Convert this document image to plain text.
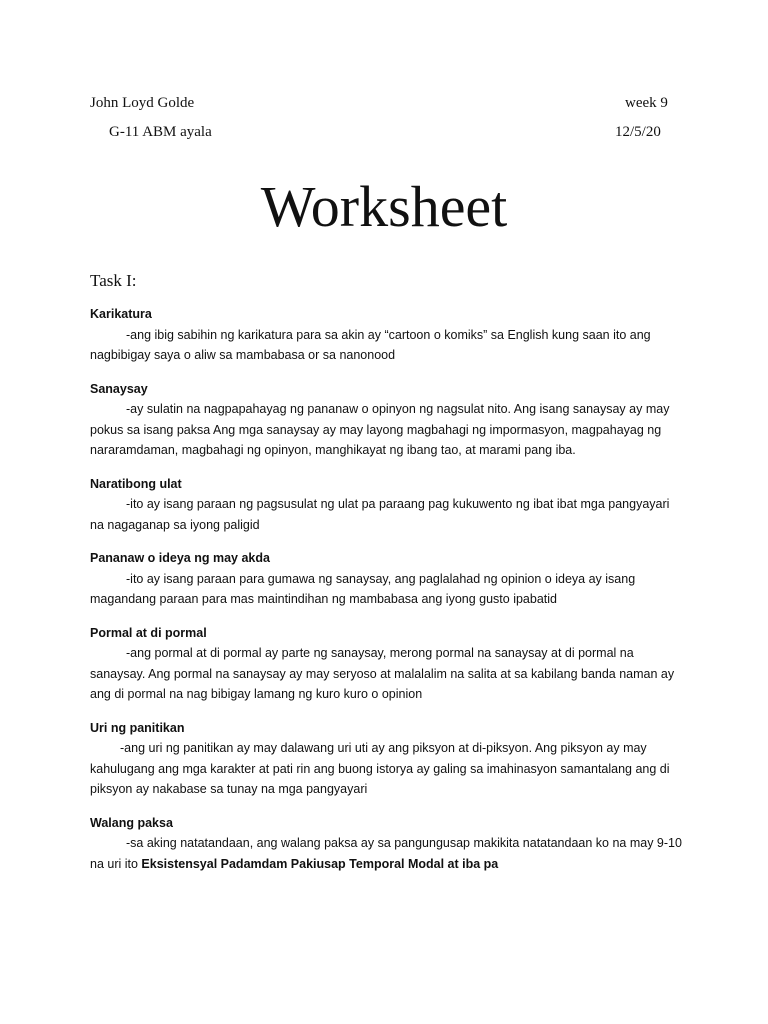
John Loyd Golde	week 9
G-11 ABM ayala	12/5/20
Worksheet
Task I:
Karikatura
-ang ibig sabihin ng karikatura para sa akin ay “cartoon o komiks” sa English kung saan ito ang nagbibigay saya o aliw sa mambabasa or sa nanonood
Sanaysay
-ay sulatin na nagpapahayag ng pananaw o opinyon ng nagsulat nito. Ang isang sanaysay ay may pokus sa isang paksa Ang mga sanaysay ay may layong magbahagi ng impormasyon, magpahayag ng nararamdaman, magbahagi ng opinyon, manghikayat ng ibang tao, at marami pang iba.
Naratibong ulat
-ito ay isang paraan ng pagsusulat ng ulat pa paraang pag kukuwento ng ibat ibat mga pangyayari na nagaganap sa iyong paligid
Pananaw o ideya ng may akda
-ito ay isang paraan para gumawa ng sanaysay, ang paglalahad ng opinion o ideya ay isang magandang paraan para mas maintindihan ng mambabasa ang iyong gusto ipabatid
Pormal at di pormal
-ang pormal at di pormal ay parte ng sanaysay, merong pormal na sanaysay at di pormal na sanaysay. Ang pormal na sanaysay ay may seryoso at malalalim na salita at sa kabilang banda naman ay ang di pormal na nag bibigay lamang ng kuro kuro o opinion
Uri ng panitikan
-ang uri ng panitikan ay may dalawang uri uti ay ang piksyon at di-piksyon. Ang piksyon ay may kahulugang ang mga karakter at pati rin ang buong istorya ay galing sa imahinasyon samantalang ang di piksyon ay nakabase sa tunay na mga pangyayari
Walang paksa
-sa aking natatandaan, ang walang paksa ay sa pangungusap makikita natatandaan ko na may 9-10 na uri ito Eksistensyal Padamdam Pakiusap Temporal Modal at iba pa
